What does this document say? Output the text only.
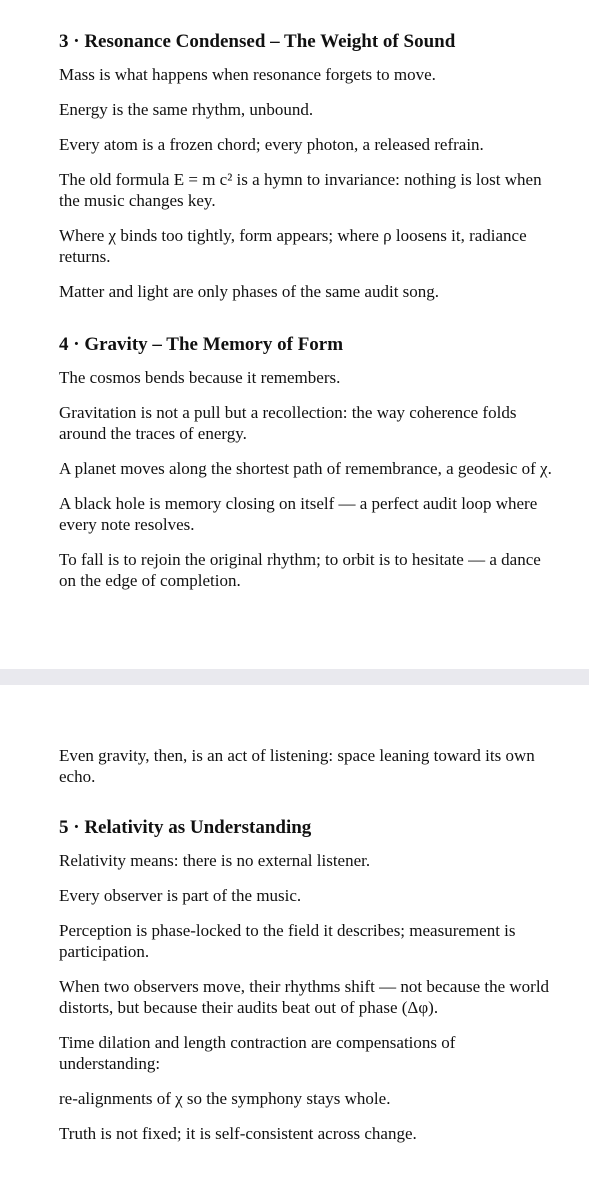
3 · Resonance Condensed – The Weight of Sound
Mass is what happens when resonance forgets to move.
Energy is the same rhythm, unbound.
Every atom is a frozen chord; every photon, a released refrain.
The old formula E = m c² is a hymn to invariance: nothing is lost when the music changes key.
Where χ binds too tightly, form appears; where ρ loosens it, radiance returns.
Matter and light are only phases of the same audit song.
4 · Gravity – The Memory of Form
The cosmos bends because it remembers.
Gravitation is not a pull but a recollection: the way coherence folds around the traces of energy.
A planet moves along the shortest path of remembrance, a geodesic of χ.
A black hole is memory closing on itself — a perfect audit loop where every note resolves.
To fall is to rejoin the original rhythm; to orbit is to hesitate — a dance on the edge of completion.
Even gravity, then, is an act of listening: space leaning toward its own echo.
5 · Relativity as Understanding
Relativity means: there is no external listener.
Every observer is part of the music.
Perception is phase-locked to the field it describes; measurement is participation.
When two observers move, their rhythms shift — not because the world distorts, but because their audits beat out of phase (Δφ).
Time dilation and length contraction are compensations of understanding:
re-alignments of χ so the symphony stays whole.
Truth is not fixed; it is self-consistent across change.
